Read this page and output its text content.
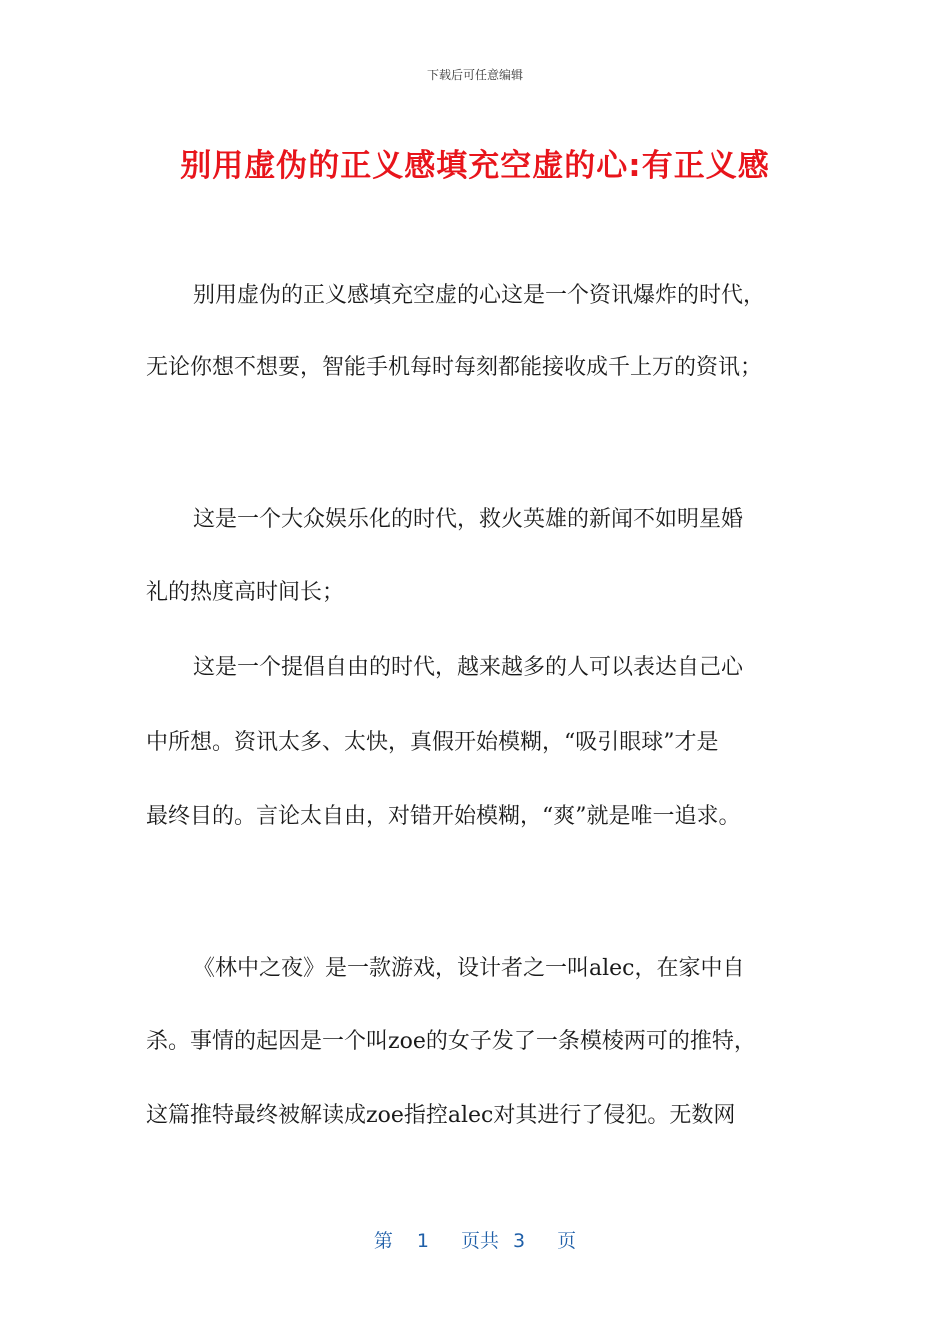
下载后可任意编辑
别用虚伪的正义感填充空虚的心:有正义感
别用虚伪的正义感填充空虚的心这是一个资讯爆炸的时代，
无论你想不想要，智能手机每时每刻都能接收成千上万的资讯；
这是一个大众娱乐化的时代，救火英雄的新闻不如明星婚
礼的热度高时间长；
这是一个提倡自由的时代，越来越多的人可以表达自己心
中所想。资讯太多、太快，真假开始模糊，“吸引眼球”才是
最终目的。言论太自由，对错开始模糊，“爽”就是唯一追求。
《林中之夜》是一款游戏，设计者之一叫alec，在家中自
杀。事情的起因是一个叫zoe的女子发了一条模棱两可的推特，
这篇推特最终被解读成zoe指控alec对其进行了侵犯。无数网
第 1 页共 3 页
